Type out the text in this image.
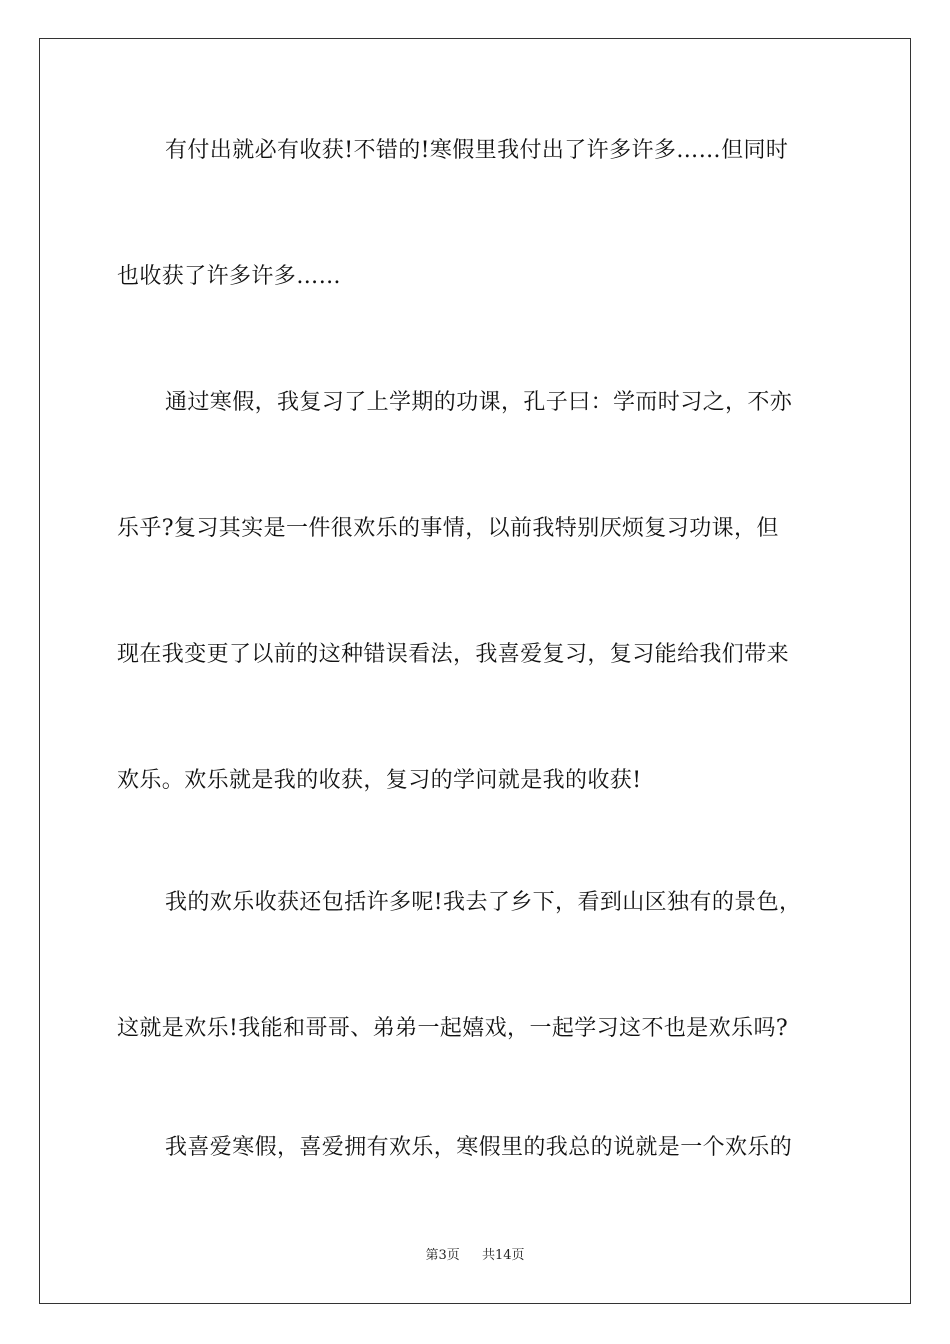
有付出就必有收获!不错的!寒假里我付出了许多许多……但同时
也收获了许多许多……
通过寒假，我复习了上学期的功课，孔子曰：学而时习之，不亦
乐乎?复习其实是一件很欢乐的事情，以前我特别厌烦复习功课，但
现在我变更了以前的这种错误看法，我喜爱复习，复习能给我们带来
欢乐。欢乐就是我的收获，复习的学问就是我的收获!
我的欢乐收获还包括许多呢!我去了乡下，看到山区独有的景色，
这就是欢乐!我能和哥哥、弟弟一起嬉戏，一起学习这不也是欢乐吗?
我喜爱寒假，喜爱拥有欢乐，寒假里的我总的说就是一个欢乐的
第3页 共14页
